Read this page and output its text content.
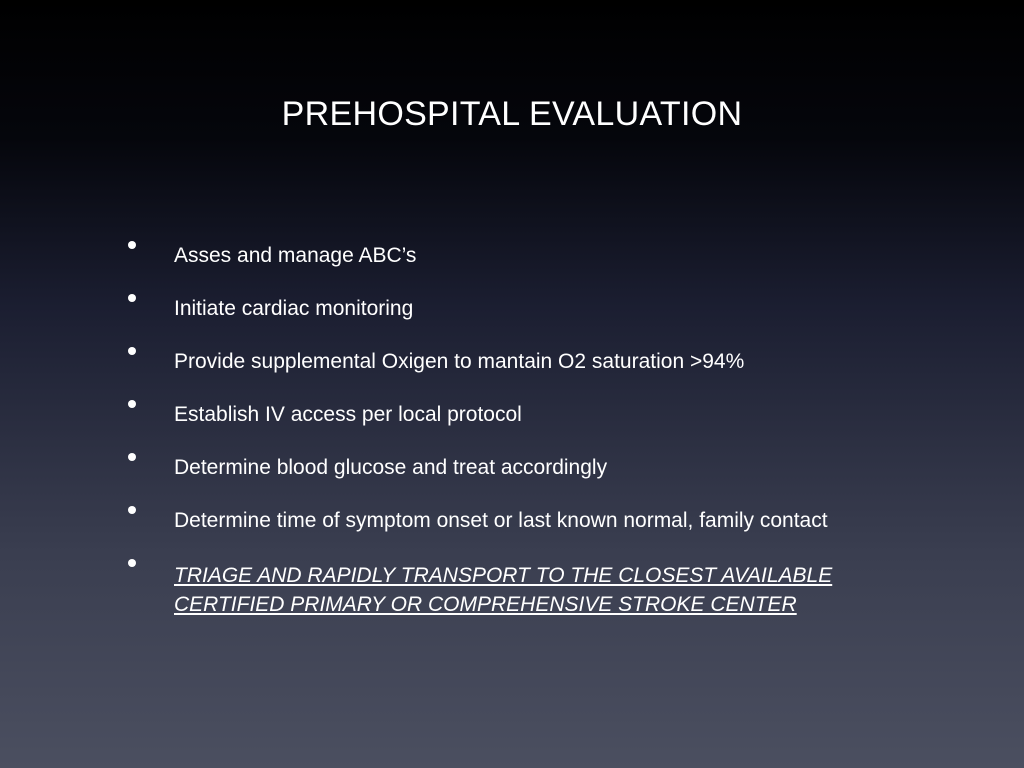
PREHOSPITAL EVALUATION
Asses and manage ABC’s
Initiate cardiac monitoring
Provide supplemental Oxigen to mantain O2 saturation >94%
Establish IV access per local protocol
Determine blood glucose and treat accordingly
Determine time of symptom onset or last known normal, family contact
TRIAGE AND RAPIDLY TRANSPORT TO THE CLOSEST AVAILABLE CERTIFIED PRIMARY OR COMPREHENSIVE STROKE CENTER
